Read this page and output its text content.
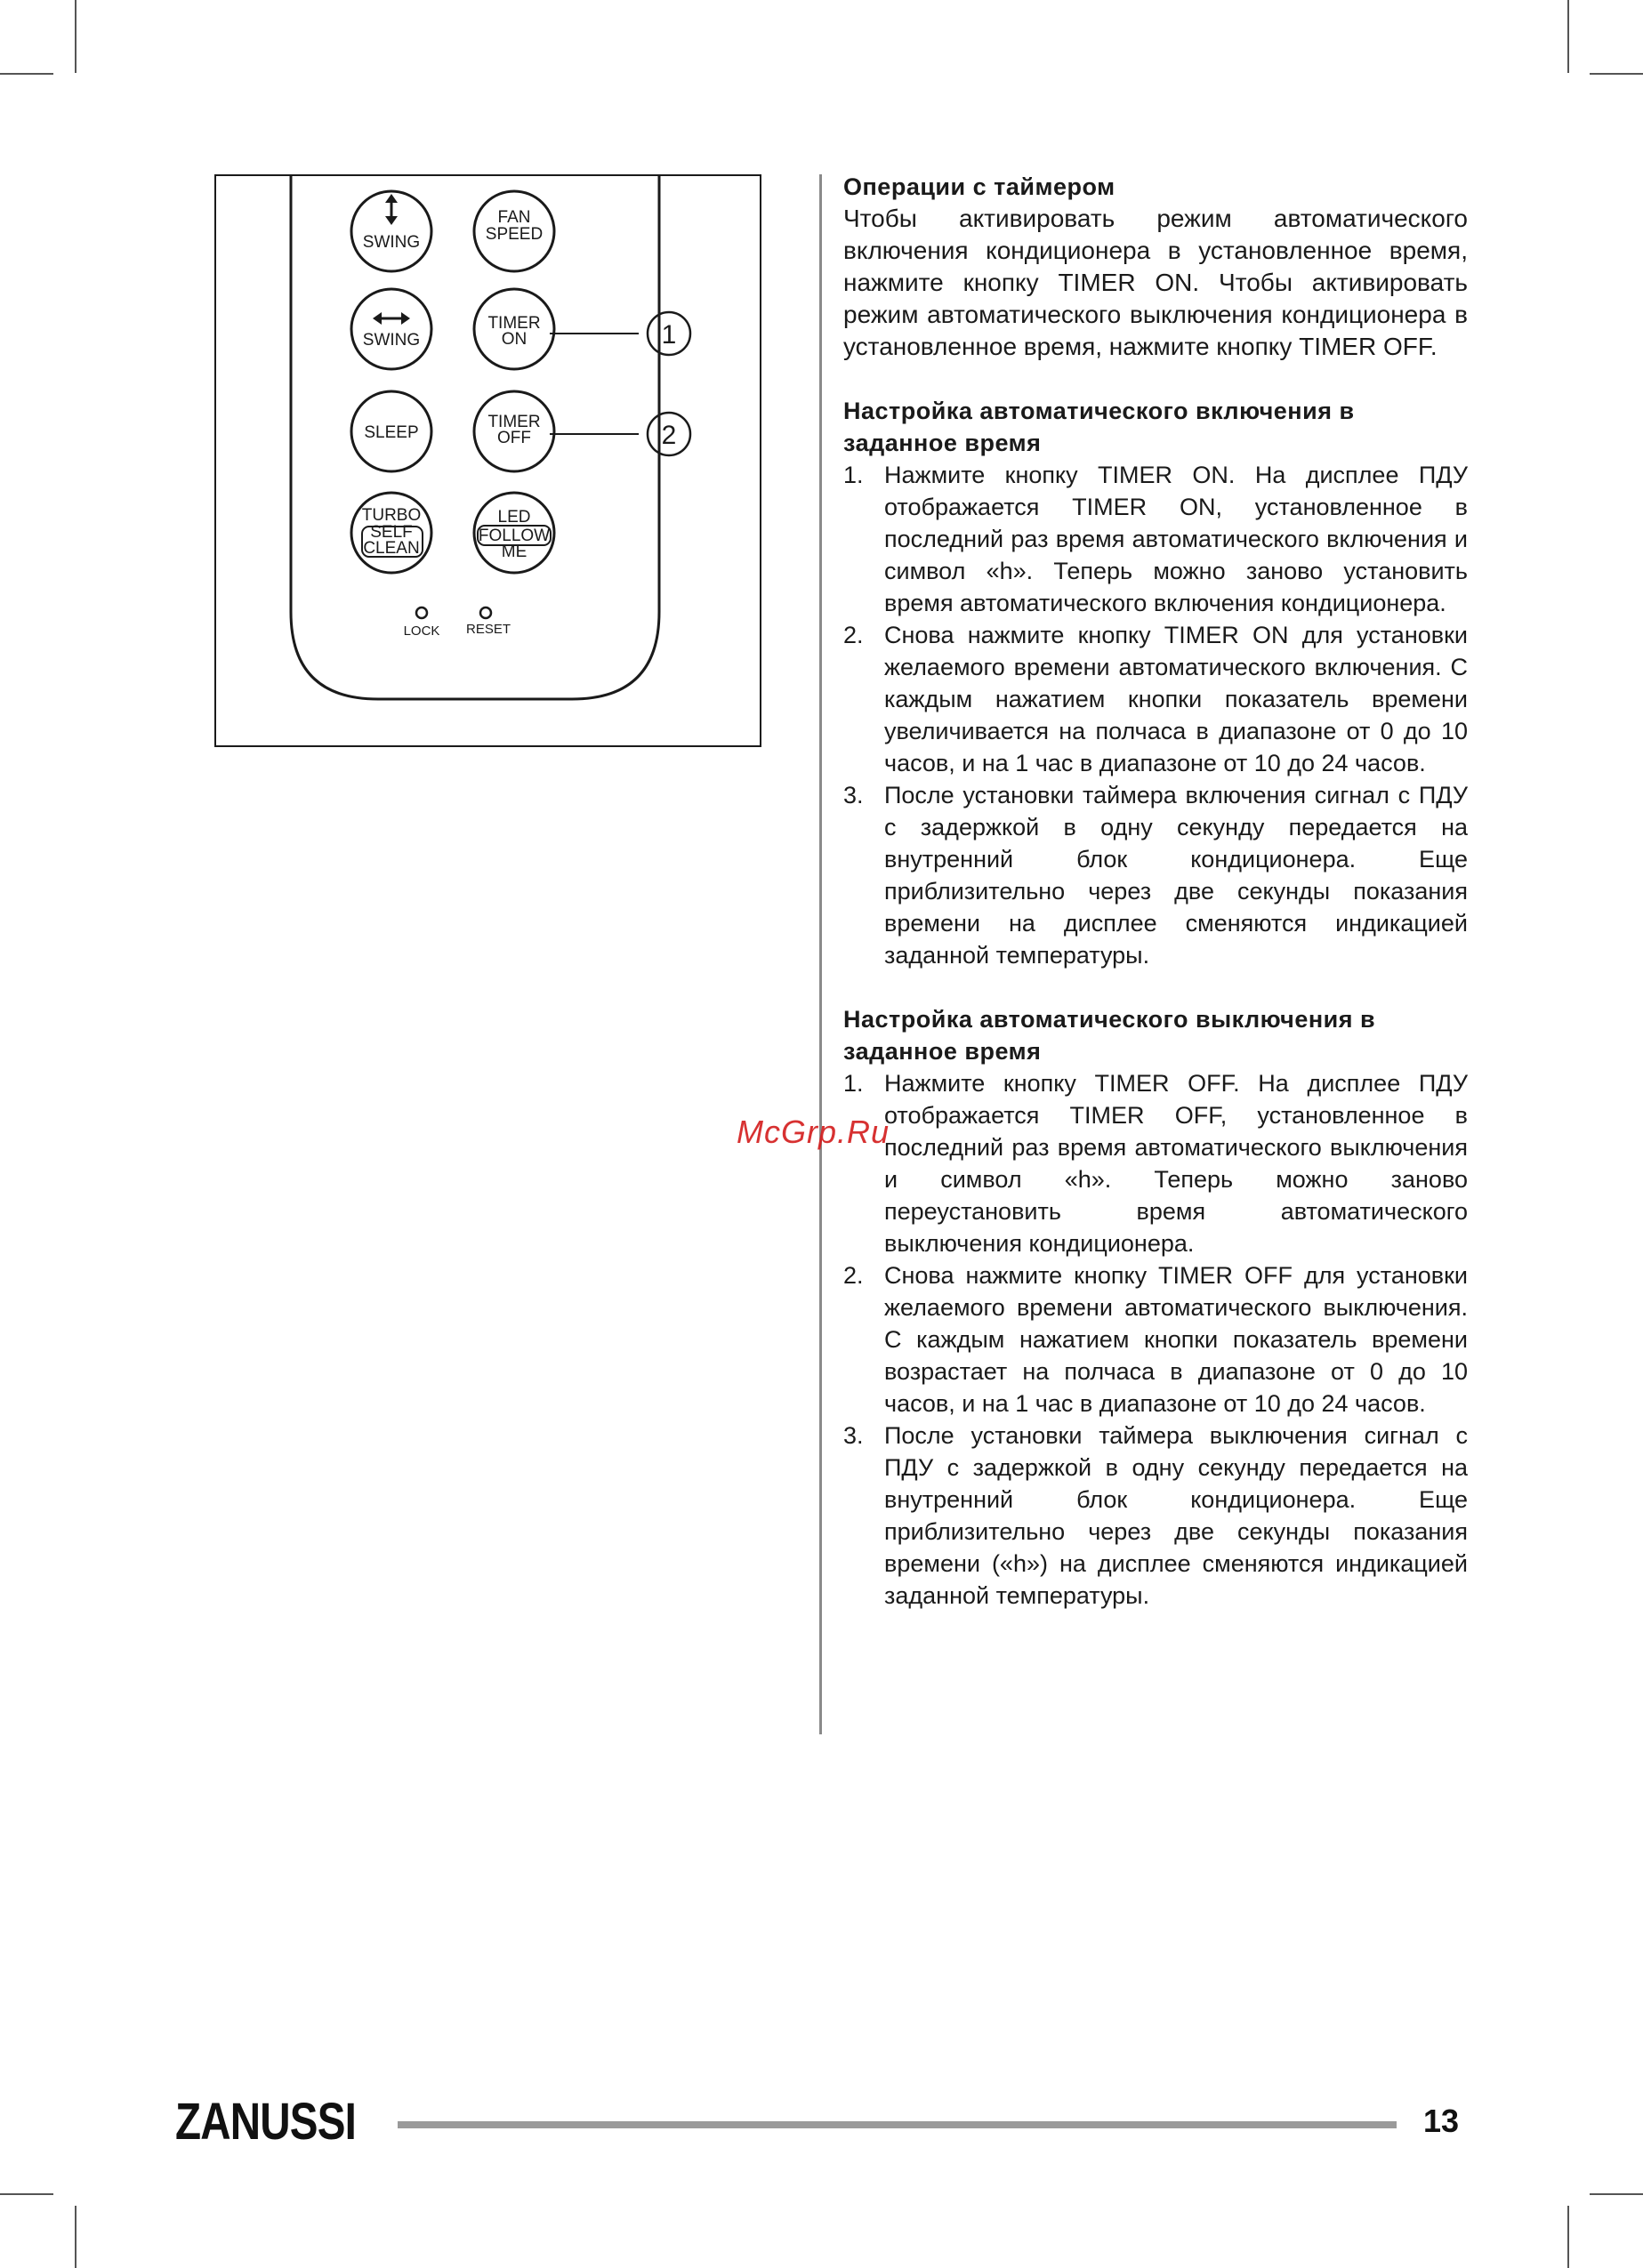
SWING
FAN
SPEED
SWING
TIMER
ON
SLEEP
TIMER
OFF
TURBO
SELF
CLEAN
LED
FOLLOW
ME
LOCK RESET
1
2

Операции с таймером

Чтобы активировать режим автоматического включения кондиционера в установленное время, нажмите кнопку TIMER ON. Чтобы активировать режим автоматического выключения кондиционера в установленное время, нажмите кнопку TIMER OFF.

Настройка автоматического включения в заданное время

1. Нажмите кнопку TIMER ON. На дисплее ПДУ отображается TIMER ON, установленное в последний раз время автоматического включения и символ «h». Теперь можно заново установить время автоматического включения кондиционера.
2. Снова нажмите кнопку TIMER ON для установки желаемого времени автоматического включения. С каждым нажатием кнопки показатель времени увеличивается на полчаса в диапазоне от 0 до 10 часов, и на 1 час в диапазоне от 10 до 24 часов.
3. После установки таймера включения сигнал с ПДУ с задержкой в одну секунду передается на внутренний блок кондиционера. Еще приблизительно через две секунды показания времени на дисплее сменяются индикацией заданной температуры.

Настройка автоматического выключения в заданное время

1. Нажмите кнопку TIMER OFF. На дисплее ПДУ отображается TIMER OFF, установленное в последний раз время автоматического выключения и символ «h». Теперь можно заново переустановить время автоматического выключения кондиционера.
2. Снова нажмите кнопку TIMER OFF для установки желаемого времени автоматического выключения. С каждым нажатием кнопки показатель времени возрастает на полчаса в диапазоне от 0 до 10 часов, и на 1 час в диапазоне от 10 до 24 часов.
3. После установки таймера выключения сигнал с ПДУ с задержкой в одну секунду передается на внутренний блок кондиционера. Еще приблизительно через две секунды показания времени («h») на дисплее сменяются индикацией заданной температуры.
McGrp.Ru
ZANUSSI	13
